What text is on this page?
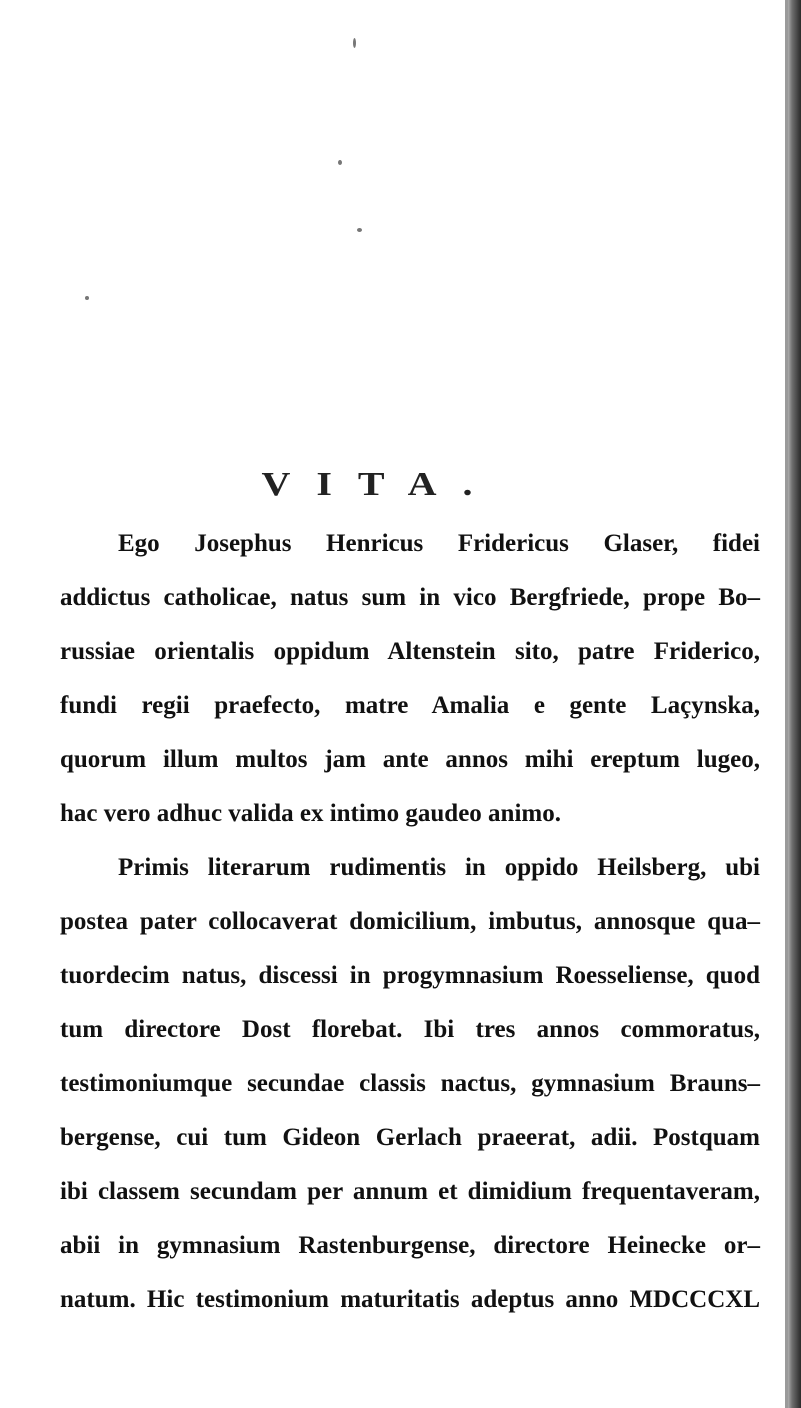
VITA.
Ego Josephus Henricus Fridericus Glaser, fidei
addictus catholicae, natus sum in vico Bergfriede, prope Bo–
russiae orientalis oppidum Altenstein sito, patre Friderico,
fundi regii praefecto, matre Amalia e gente Laçynska,
quorum illum multos jam ante annos mihi ereptum lugeo,
hac vero adhuc valida ex intimo gaudeo animo.
Primis literarum rudimentis in oppido Heilsberg, ubi
postea pater collocaverat domicilium, imbutus, annosque qua–
tuordecim natus, discessi in progymnasium Roesseliense, quod
tum directore Dost florebat. Ibi tres annos commoratus,
testimoniumque secundae classis nactus, gymnasium Brauns–
bergense, cui tum Gideon Gerlach praeerat, adii. Postquam
ibi classem secundam per annum et dimidium frequentaveram,
abii in gymnasium Rastenburgense, directore Heinecke or–
natum. Hic testimonium maturitatis adeptus anno MDCCCXL
